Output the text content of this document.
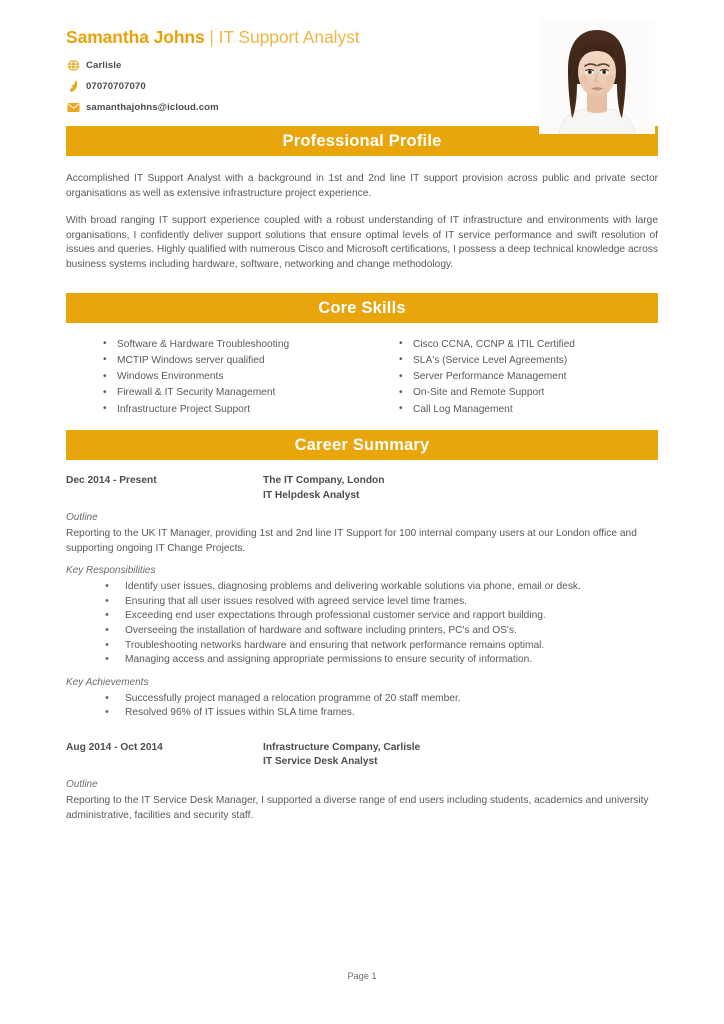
Samantha Johns | IT Support Analyst
Carlisle
07070707070
samanthajohns@icloud.com
Professional Profile

Accomplished IT Support Analyst with a background in 1st and 2nd line IT support provision across public and private sector organisations as well as extensive infrastructure project experience.

With broad ranging IT support experience coupled with a robust understanding of IT infrastructure and environments with large organisations, I confidently deliver support solutions that ensure optimal levels of IT service performance and swift resolution of issues and queries. Highly qualified with numerous Cisco and Microsoft certifications, I possess a deep technical knowledge across business systems including hardware, software, networking and change methodology.

Core Skills
• Software & Hardware Troubleshooting
• MCTIP Windows server qualified
• Windows Environments
• Firewall & IT Security Management
• Infrastructure Project Support
• Cisco CCNA, CCNP & ITIL Certified
• SLA's (Service Level Agreements)
• Server Performance Management
• On-Site and Remote Support
• Call Log Management
Career Summary
Dec 2014 - Present	The IT Company, London
IT Helpdesk Analyst
Outline

Reporting to the UK IT Manager, providing 1st and 2nd line IT Support for 100 internal company users at our London office and supporting ongoing IT Change Projects.

Key Responsibilities
• Identify user issues, diagnosing problems and delivering workable solutions via phone, email or desk.
• Ensuring that all user issues resolved with agreed service level time frames.
• Exceeding end user expectations through professional customer service and rapport building.
• Overseeing the installation of hardware and software including printers, PC's and OS's.
• Troubleshooting networks hardware and ensuring that network performance remains optimal.
• Managing access and assigning appropriate permissions to ensure security of information.
Key Achievements
• Successfully project managed a relocation programme of 20 staff member.
• Resolved 96% of IT issues within SLA time frames.
Aug 2014 - Oct 2014	Infrastructure Company, Carlisle
IT Service Desk Analyst
Outline

Reporting to the IT Service Desk Manager, I supported a diverse range of end users including students, academics and university administrative, facilities and security staff.

Page 1
